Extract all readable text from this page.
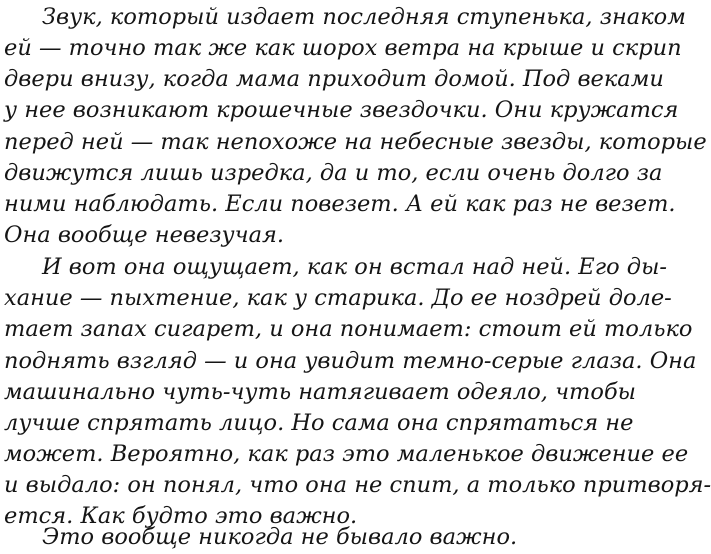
Звук, который издает последняя ступенька, знаком
ей — точно так же как шорох ветра на крыше и скрип
двери внизу, когда мама приходит домой. Под веками
у нее возникают крошечные звездочки. Они кружатся
перед ней — так непохоже на небесные звезды, которые
движутся лишь изредка, да и то, если очень долго за
ними наблюдать. Если повезет. А ей как раз не везет.
Она вообще невезучая.
И вот она ощущает, как он встал над ней. Его ды-
хание — пыхтение, как у старика. До ее ноздрей доле-
тает запах сигарет, и она понимает: стоит ей только
поднять взгляд — и она увидит темно-серые глаза. Она
машинально чуть-чуть натягивает одеяло, чтобы
лучше спрятать лицо. Но сама она спрятаться не
может. Вероятно, как раз это маленькое движение ее
и выдало: он понял, что она не спит, а только притворя-
ется. Как будто это важно.
Это вообще никогда не бывало важно.
